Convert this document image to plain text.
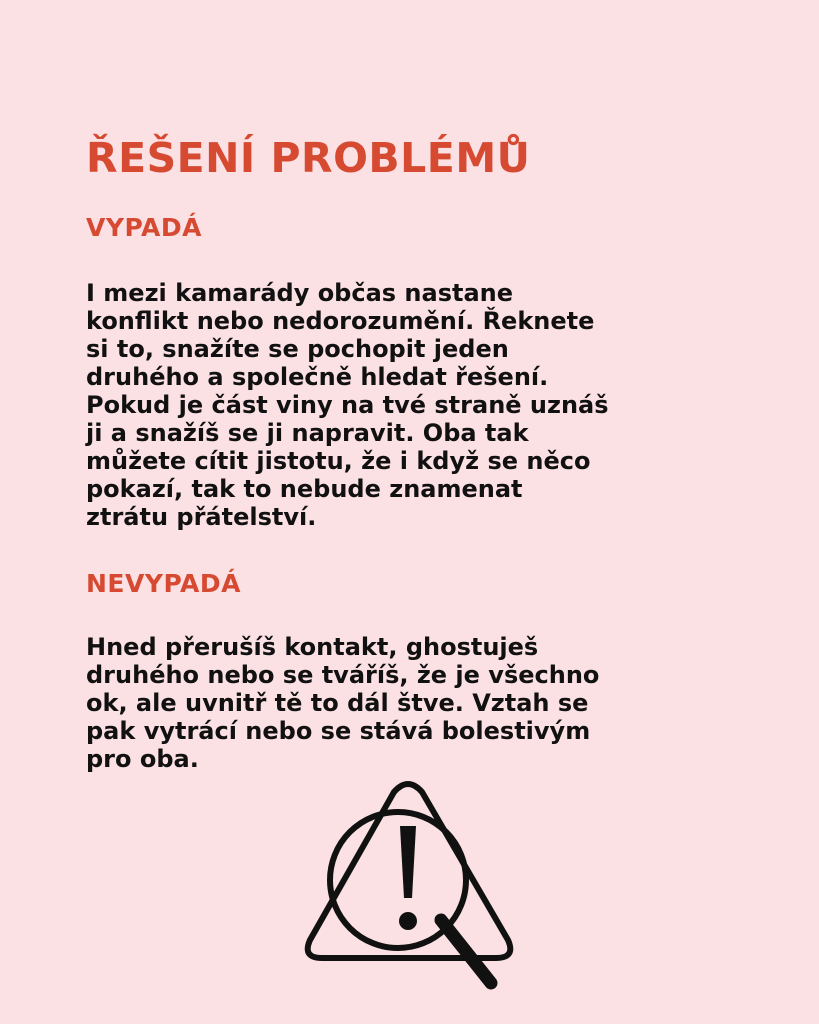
ŘEŠENÍ PROBLÉMŮ
VYPADÁ

I mezi kamarády občas nastane
konflikt nebo nedorozumění. Řeknete
si to, snažíte se pochopit jeden
druhého a společně hledat řešení.
Pokud je část viny na tvé straně uznáš
ji a snažíš se ji napravit. Oba tak
můžete cítit jistotu, že i když se něco
pokazí, tak to nebude znamenat
ztrátu přátelství.

NEVYPADÁ

Hned přerušíš kontakt, ghostuješ
druhého nebo se tváříš, že je všechno
ok, ale uvnitř tě to dál štve. Vztah se
pak vytrácí nebo se stává bolestivým
pro oba.
